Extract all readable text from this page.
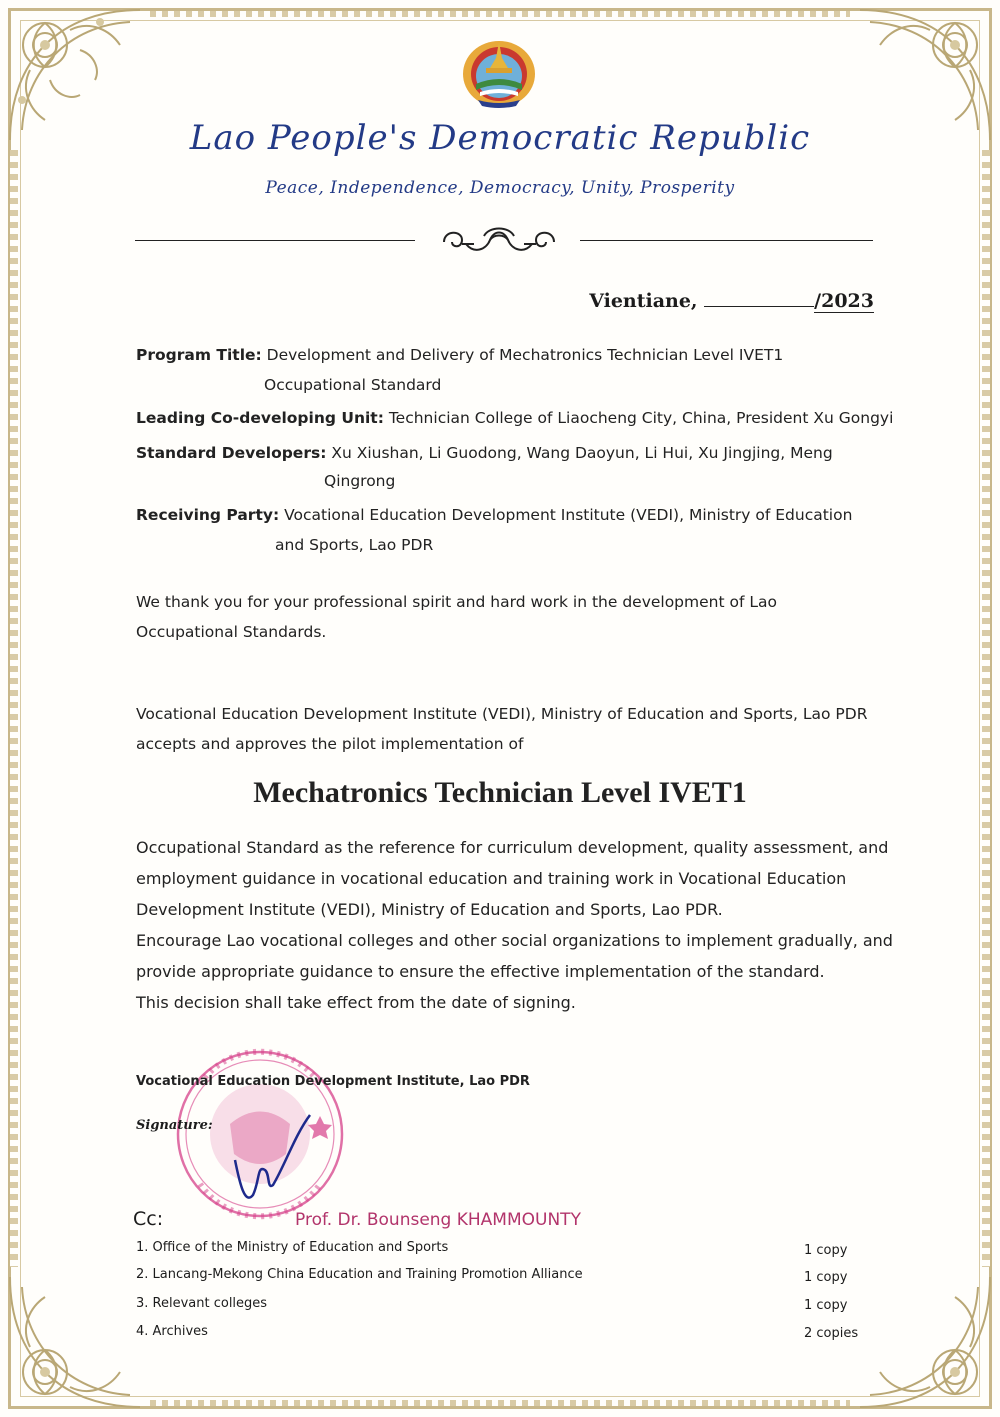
Lao People's Democratic Republic
Peace, Independence, Democracy, Unity, Prosperity
Vientiane,	/2023
Program Title: Development and Delivery of Mechatronics Technician Level IVET1
Occupational Standard
Leading Co-developing Unit: Technician College of Liaocheng City, China, President Xu Gongyi
Standard Developers: Xu Xiushan, Li Guodong, Wang Daoyun, Li Hui, Xu Jingjing, Meng
Qingrong
Receiving Party: Vocational Education Development Institute (VEDI), Ministry of Education
and Sports, Lao PDR
We thank you for your professional spirit and hard work in the development of Lao
Occupational Standards.
Vocational Education Development Institute (VEDI), Ministry of Education and Sports, Lao PDR
accepts and approves the pilot implementation of
Mechatronics Technician Level IVET1
Occupational Standard as the reference for curriculum development, quality assessment, and
employment guidance in vocational education and training work in Vocational Education
Development Institute (VEDI), Ministry of Education and Sports, Lao PDR.
Encourage Lao vocational colleges and other social organizations to implement gradually, and
provide appropriate guidance to ensure the effective implementation of the standard.
This decision shall take effect from the date of signing.
Vocational Education Development Institute, Lao PDR
Signature:
Prof. Dr. Bounseng KHAMMOUNTY
Cc:
1. Office of the Ministry of Education and Sports	1 copy
2. Lancang-Mekong China Education and Training Promotion Alliance	1 copy
3. Relevant colleges	1 copy
4. Archives	2 copies
